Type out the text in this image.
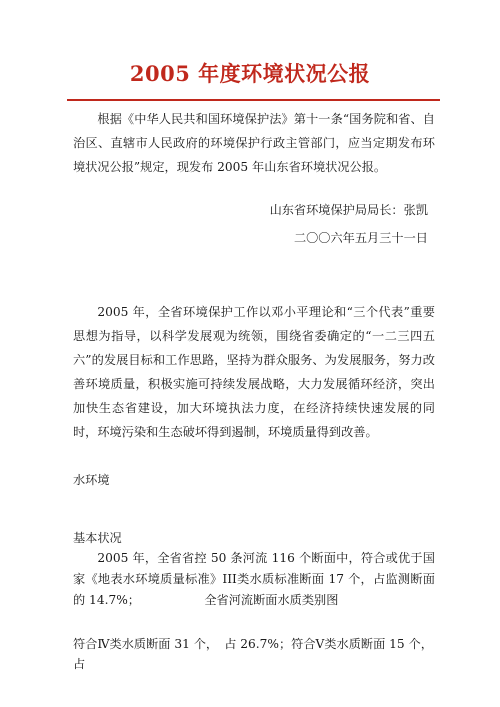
2005 年度环境状况公报

根据《中华人民共和国环境保护法》第十一条“国务院和省、自治区、直辖市人民政府的环境保护行政主管部门，应当定期发布环境状况公报”规定，现发布 2005 年山东省环境状况公报。

山东省环境保护局局长：张凯
二〇〇六年五月三十一日

2005 年，全省环境保护工作以邓小平理论和“三个代表”重要思想为指导，以科学发展观为统领，围绕省委确定的“一二三四五六”的发展目标和工作思路，坚持为群众服务、为发展服务，努力改善环境质量，积极实施可持续发展战略，大力发展循环经济，突出加快生态省建设，加大环境执法力度，在经济持续快速发展的同时，环境污染和生态破坏得到遏制，环境质量得到改善。

水环境
基本状况

2005 年，全省省控 50 条河流 116 个断面中，符合或优于国家《地表水环境质量标准》III类水质标准断面 17 个，占监测断面的 14.7%；	全省河流断面水质类别图

符合Ⅳ类水质断面 31 个，　占 26.7%；符合Ⅴ类水质断面 15 个，　占
